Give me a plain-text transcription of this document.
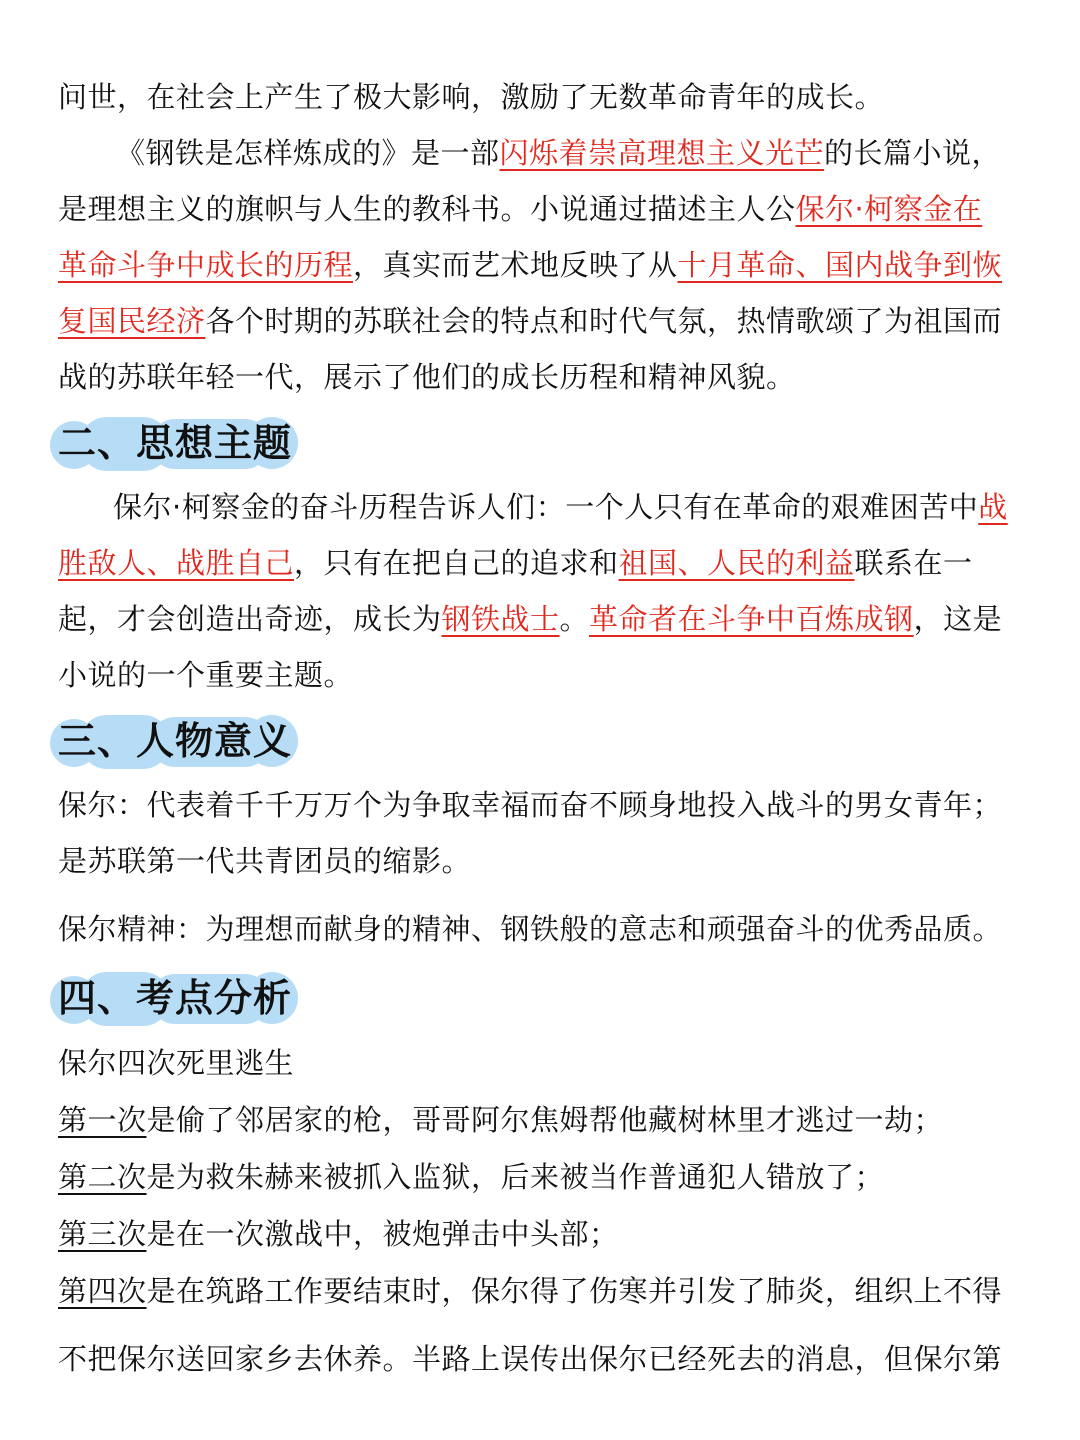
问世，在社会上产生了极大影响，激励了无数革命青年的成长。
《钢铁是怎样炼成的》是一部闪烁着崇高理想主义光芒的长篇小说，
是理想主义的旗帜与人生的教科书。小说通过描述主人公保尔·柯察金在
革命斗争中成长的历程，真实而艺术地反映了从十月革命、国内战争到恢
复国民经济各个时期的苏联社会的特点和时代气氛，热情歌颂了为祖国而
战的苏联年轻一代，展示了他们的成长历程和精神风貌。
二、思想主题
保尔·柯察金的奋斗历程告诉人们：一个人只有在革命的艰难困苦中战
胜敌人、战胜自己，只有在把自己的追求和祖国、人民的利益联系在一
起，才会创造出奇迹，成长为钢铁战士。革命者在斗争中百炼成钢，这是
小说的一个重要主题。
三、人物意义
保尔：代表着千千万万个为争取幸福而奋不顾身地投入战斗的男女青年；
是苏联第一代共青团员的缩影。
保尔精神：为理想而献身的精神、钢铁般的意志和顽强奋斗的优秀品质。
四、考点分析
保尔四次死里逃生
第一次是偷了邻居家的枪，哥哥阿尔焦姆帮他藏树林里才逃过一劫；
第二次是为救朱赫来被抓入监狱，后来被当作普通犯人错放了；
第三次是在一次激战中，被炮弹击中头部；
第四次是在筑路工作要结束时，保尔得了伤寒并引发了肺炎，组织上不得
不把保尔送回家乡去休养。半路上误传出保尔已经死去的消息，但保尔第
